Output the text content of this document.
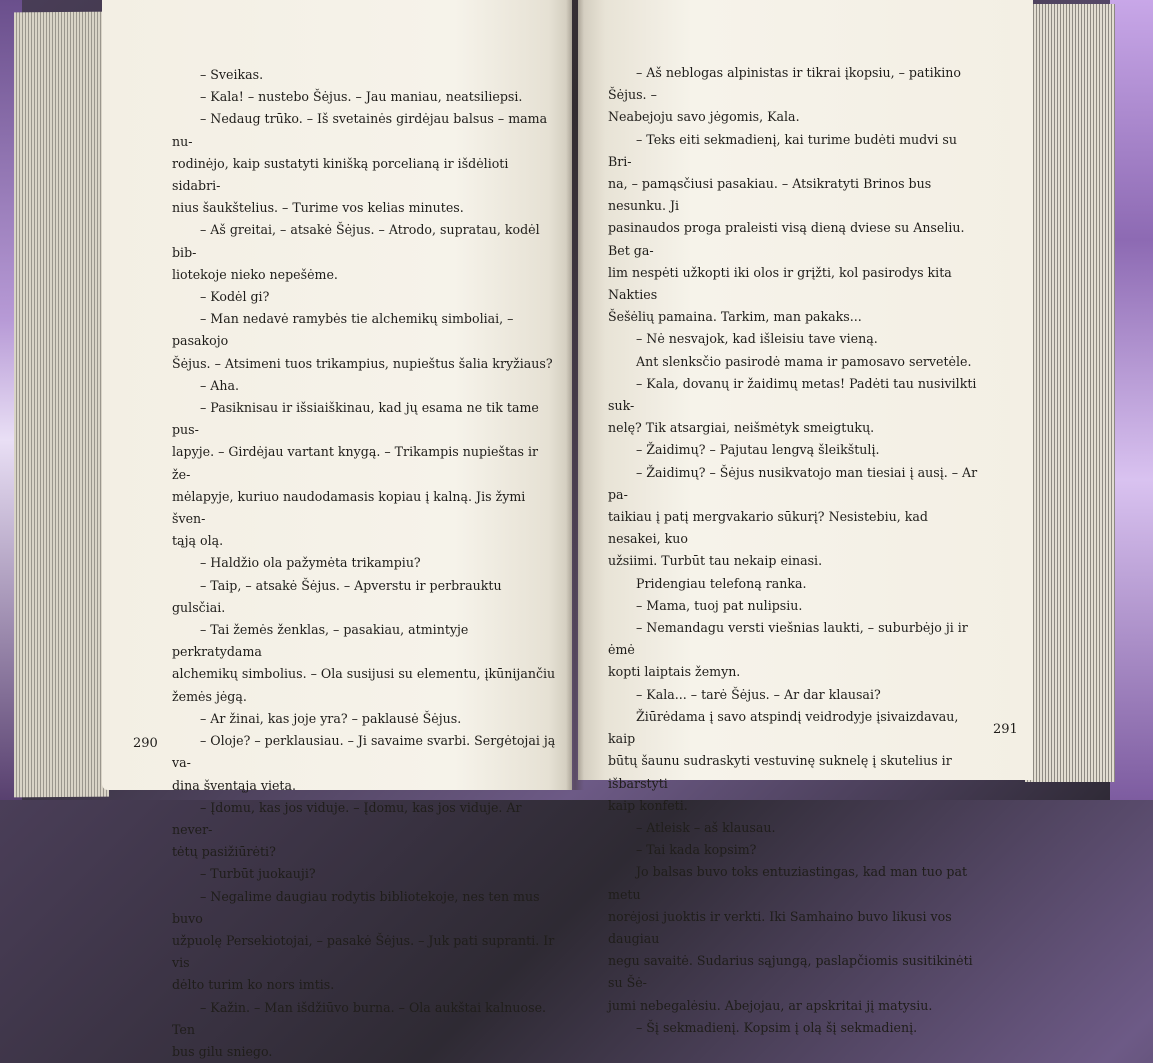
– Sveikas.

– Kala! – nustebo Šėjus. – Jau maniau, neatsiliepsi.

– Nedaug trūko. – Iš svetainės girdėjau balsus – mama nu-

rodinėjo, kaip sustatyti kinišką porcelianą ir išdėlioti sidabri-

nius šaukštelius. – Turime vos kelias minutes.

– Aš greitai, – atsakė Šėjus. – Atrodo, supratau, kodėl bib-

liotekoje nieko nepešėme.

– Kodėl gi?

– Man nedavė ramybės tie alchemikų simboliai, – pasakojo

Šėjus. – Atsimeni tuos trikampius, nupieštus šalia kryžiaus?

– Aha.

– Pasiknisau ir išsiaiškinau, kad jų esama ne tik tame pus-

lapyje. – Girdėjau vartant knygą. – Trikampis nupieštas ir že-

mėlapyje, kuriuo naudodamasis kopiau į kalną. Jis žymi šven-

tąją olą.

– Haldžio ola pažymėta trikampiu?

– Taip, – atsakė Šėjus. – Apverstu ir perbrauktu gulsčiai.

– Tai žemės ženklas, – pasakiau, atmintyje perkratydama

alchemikų simbolius. – Ola susijusi su elementu, įkūnijančiu

žemės jėgą.

– Ar žinai, kas joje yra? – paklausė Šėjus.

– Oloje? – perklausiau. – Ji savaime svarbi. Sergėtojai ją va-

dina šventąja vieta.

– Įdomu, kas jos viduje. – Įdomu, kas jos viduje. Ar never-

tėtų pasižiūrėti?

– Turbūt juokauji?

– Negalime daugiau rodytis bibliotekoje, nes ten mus buvo

užpuolę Persekiotojai, – pasakė Šėjus. – Juk pati supranti. Ir vis

dėlto turim ko nors imtis.

– Kažin. – Man išdžiūvo burna. – Ola aukštai kalnuose. Ten

bus gilu sniego.

– Aš neblogas alpinistas ir tikrai įkopsiu, – patikino Šėjus. –

Neabejoju savo jėgomis, Kala.

– Teks eiti sekmadienį, kai turime budėti mudvi su Bri-

na, – pamąsčiusi pasakiau. – Atsikratyti Brinos bus nesunku. Ji

pasinaudos proga praleisti visą dieną dviese su Anseliu. Bet ga-

lim nespėti užkopti iki olos ir grįžti, kol pasirodys kita Nakties

Šešėlių pamaina. Tarkim, man pakaks...

– Nė nesvajok, kad išleisiu tave vieną.

Ant slenksčio pasirodė mama ir pamosavo servetėle.

– Kala, dovanų ir žaidimų metas! Padėti tau nusivilkti suk-

nelę? Tik atsargiai, neišmėtyk smeigtukų.

– Žaidimų? – Pajutau lengvą šleikštulį.

– Žaidimų? – Šėjus nusikvatojo man tiesiai į ausį. – Ar pa-

taikiau į patį mergvakario sūkurį? Nesistebiu, kad nesakei, kuo

užsiimi. Turbūt tau nekaip einasi.

Pridengiau telefoną ranka.

– Mama, tuoj pat nulipsiu.

– Nemandagu versti viešnias laukti, – suburbėjo ji ir ėmė

kopti laiptais žemyn.

– Kala... – tarė Šėjus. – Ar dar klausai?

Žiūrėdama į savo atspindį veidrodyje įsivaizdavau, kaip

būtų šaunu sudraskyti vestuvinę suknelę į skutelius ir išbarstyti

kaip konfeti.

– Atleisk – aš klausau.

– Tai kada kopsim?

Jo balsas buvo toks entuziastingas, kad man tuo pat metu

norėjosi juoktis ir verkti. Iki Samhaino buvo likusi vos daugiau

negu savaitė. Sudarius sąjungą, paslapčiomis susitikinėti su Šė-

jumi nebegalėsiu. Abejojau, ar apskritai jį matysiu.

– Šį sekmadienį. Kopsim į olą šį sekmadienį.

290
291
